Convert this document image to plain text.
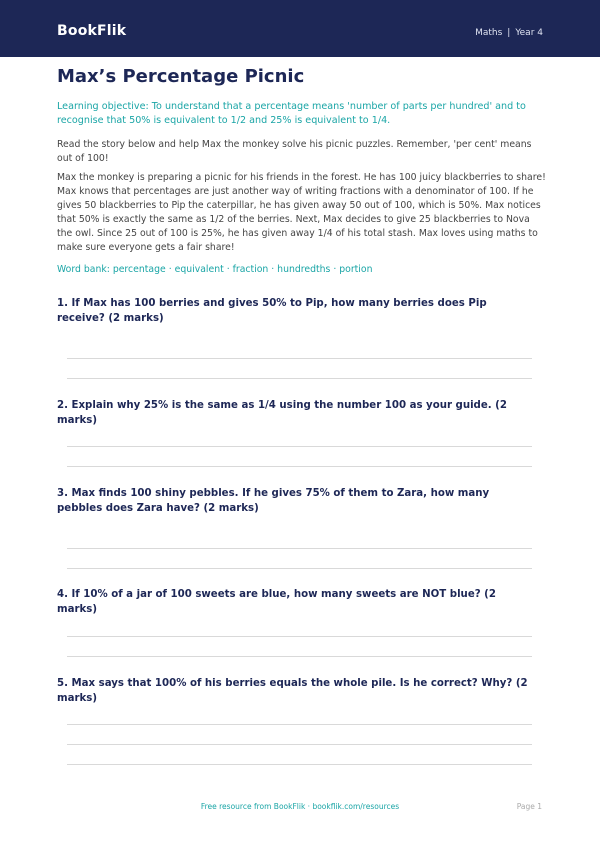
BookFlik	Maths | Year 4
Max’s Percentage Picnic

Learning objective: To understand that a percentage means 'number of parts per hundred' and to recognise that 50% is equivalent to 1/2 and 25% is equivalent to 1/4.

Read the story below and help Max the monkey solve his picnic puzzles. Remember, 'per cent' means out of 100!

Max the monkey is preparing a picnic for his friends in the forest. He has 100 juicy blackberries to share! Max knows that percentages are just another way of writing fractions with a denominator of 100. If he gives 50 blackberries to Pip the caterpillar, he has given away 50 out of 100, which is 50%. Max notices that 50% is exactly the same as 1/2 of the berries. Next, Max decides to give 25 blackberries to Nova the owl. Since 25 out of 100 is 25%, he has given away 1/4 of his total stash. Max loves using maths to make sure everyone gets a fair share!

Word bank: percentage · equivalent · fraction · hundredths · portion

1. If Max has 100 berries and gives 50% to Pip, how many berries does Pip receive? (2 marks)

2. Explain why 25% is the same as 1/4 using the number 100 as your guide. (2 marks)

3. Max finds 100 shiny pebbles. If he gives 75% of them to Zara, how many pebbles does Zara have? (2 marks)

4. If 10% of a jar of 100 sweets are blue, how many sweets are NOT blue? (2 marks)

5. Max says that 100% of his berries equals the whole pile. Is he correct? Why? (2 marks)

Free resource from BookFlik · bookflik.com/resources	Page 1
